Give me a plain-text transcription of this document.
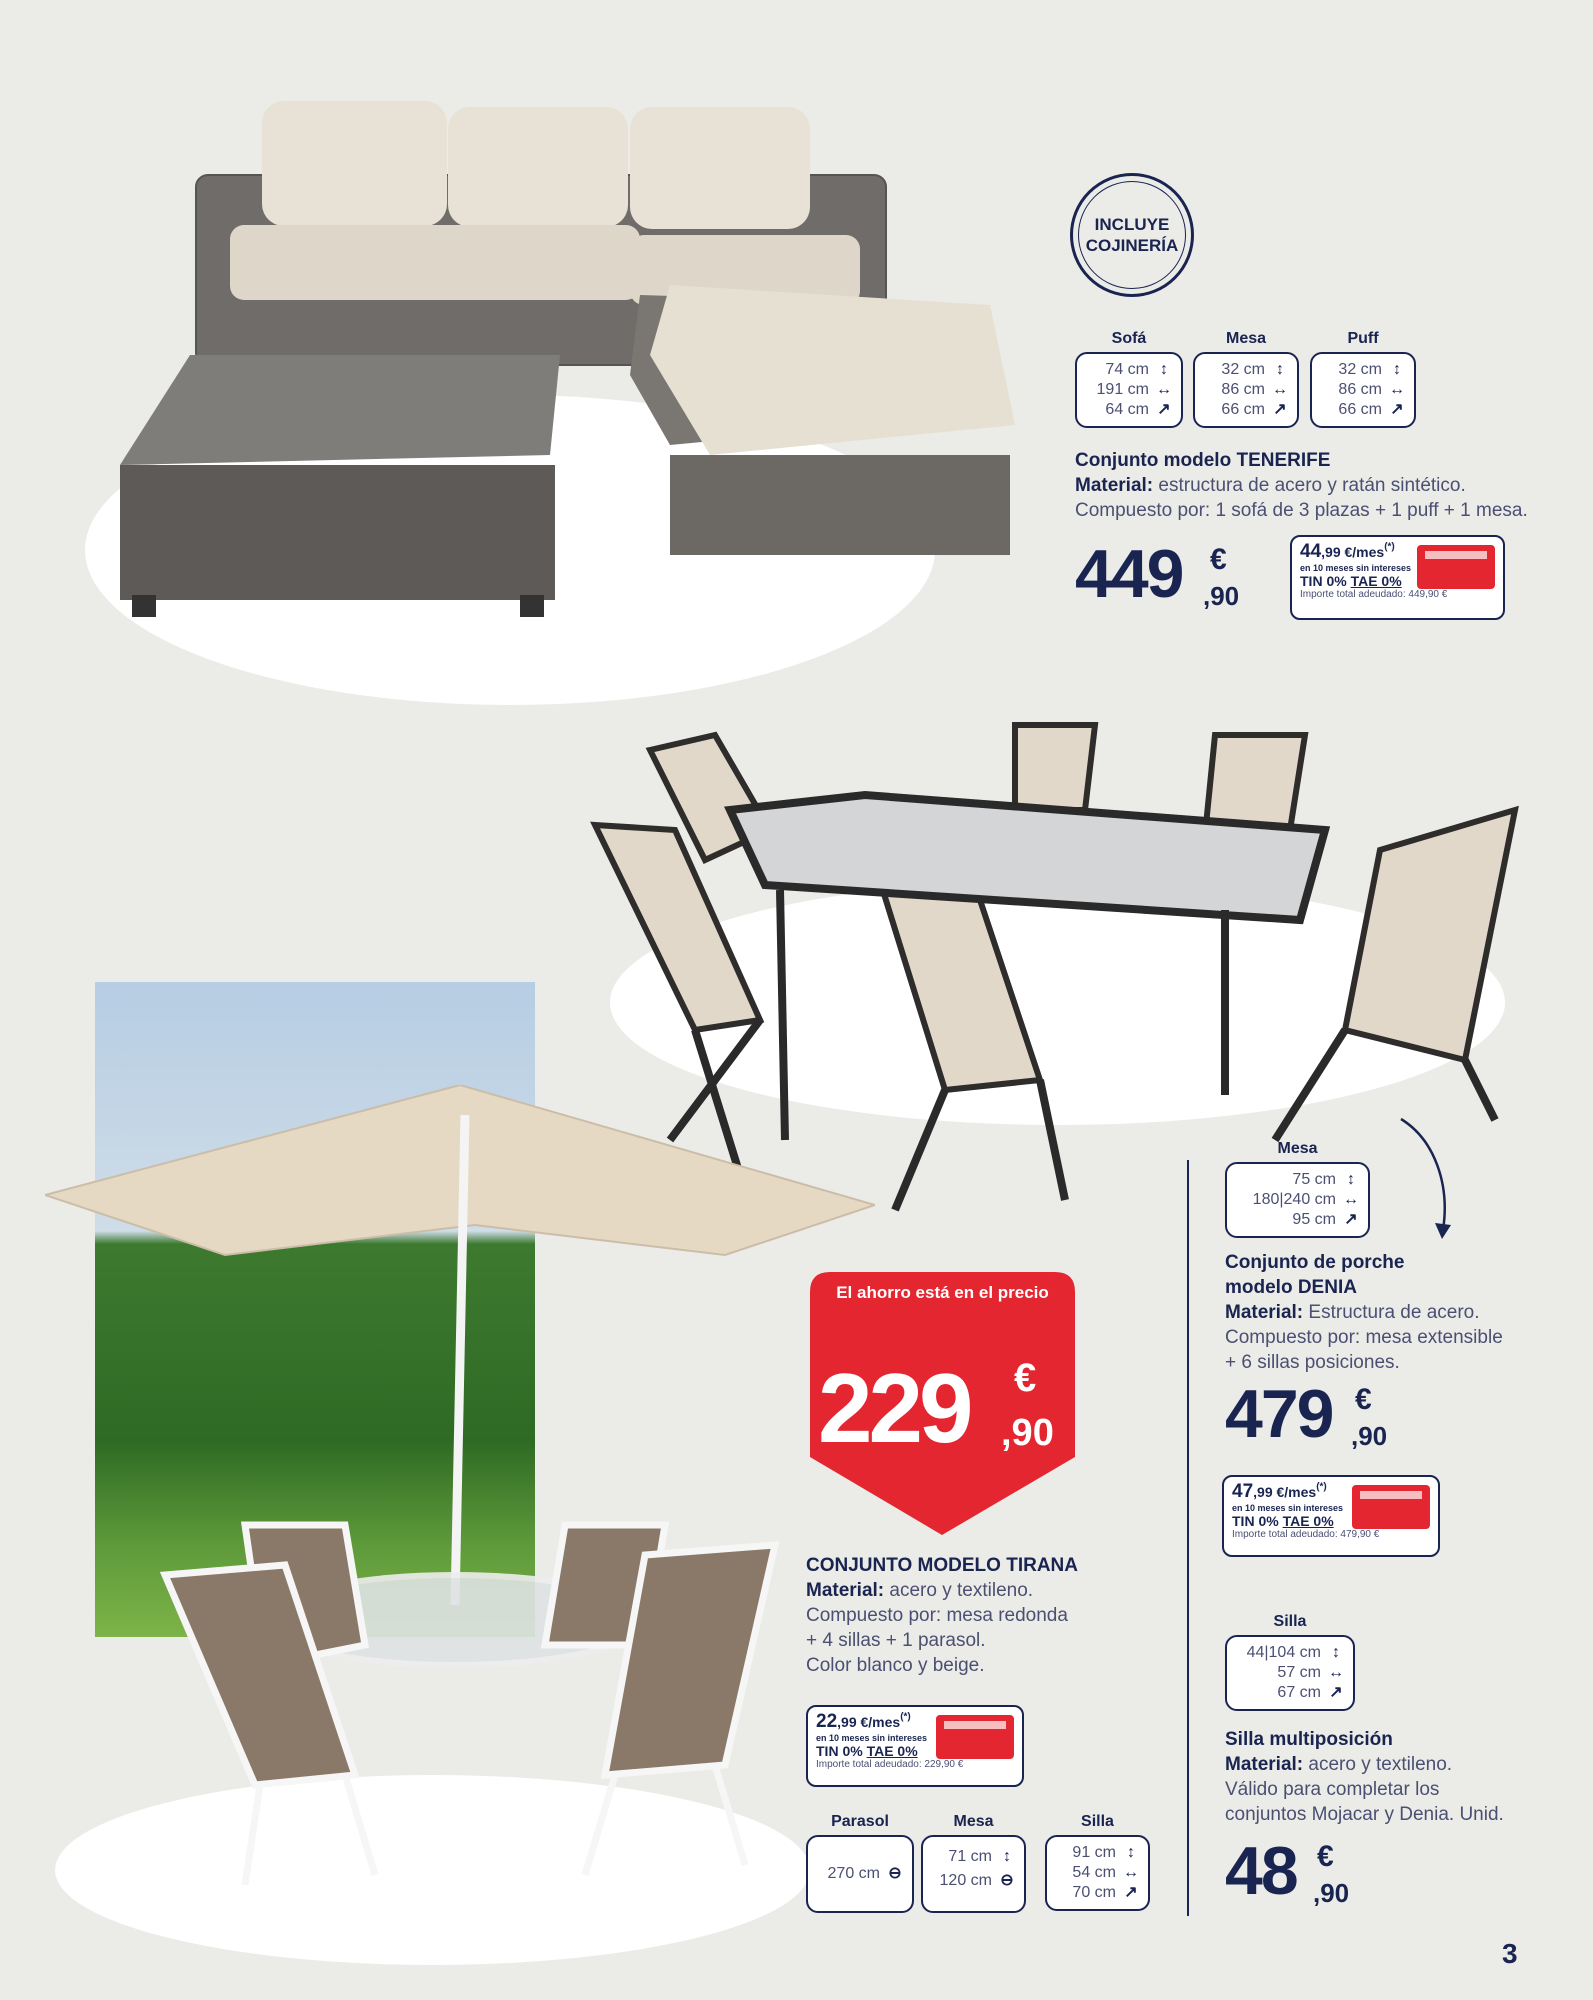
INCLUYE
COJINERÍA
Sofá
74 cm ↕
191 cm ↔
64 cm ↗
Mesa
32 cm ↕
86 cm ↔
66 cm ↗
Puff
32 cm ↕
86 cm ↔
66 cm ↗
Conjunto modelo TENERIFE
Material: estructura de acero y ratán sintético.
Compuesto por: 1 sofá de 3 plazas + 1 puff + 1 mesa.
449 €
,90
44,99 €/mes(*)
en 10 meses sin intereses
TIN 0% TAE 0%
Importe total adeudado: 449,90 €
Mesa
75 cm ↕
180|240 cm ↔
95 cm ↗
Conjunto de porche
modelo DENIA
Material: Estructura de acero.
Compuesto por: mesa extensible
+ 6 sillas posiciones.
479 €
,90
47,99 €/mes(*)
en 10 meses sin intereses
TIN 0% TAE 0%
Importe total adeudado: 479,90 €
El ahorro está en el precio
229 €
,90
CONJUNTO MODELO TIRANA
Material: acero y textileno.
Compuesto por: mesa redonda
+ 4 sillas + 1 parasol.
Color blanco y beige.
22,99 €/mes(*)
en 10 meses sin intereses
TIN 0% TAE 0%
Importe total adeudado: 229,90 €
Parasol
270 cm ⊖
Mesa
71 cm ↕
120 cm ⊖
Silla
91 cm ↕
54 cm ↔
70 cm ↗
Silla
44|104 cm ↕
57 cm ↔
67 cm ↗
Silla multiposición
Material: acero y textileno.
Válido para completar los
conjuntos Mojacar y Denia. Unid.
48 €
,90
3
